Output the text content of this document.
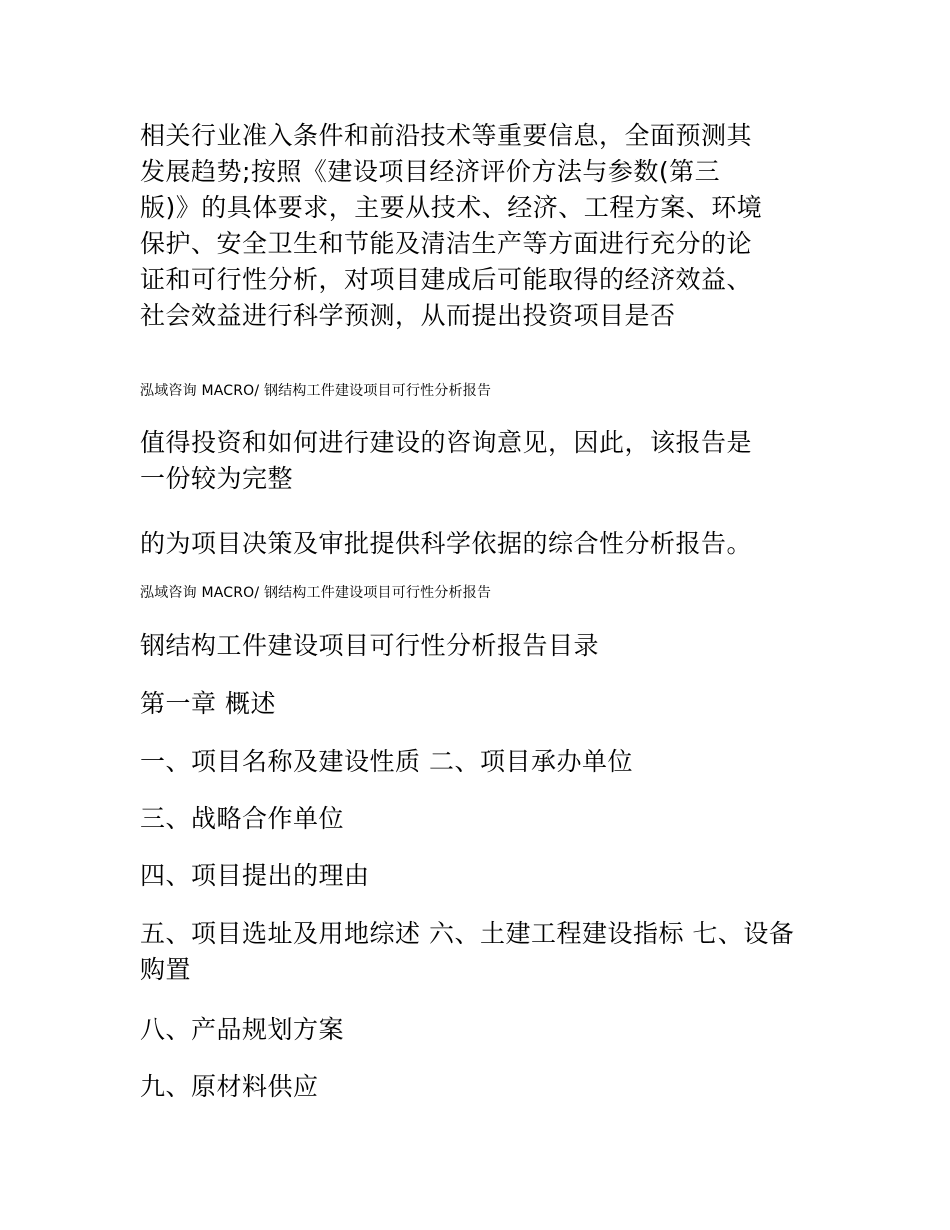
相关行业准入条件和前沿技术等重要信息，全面预测其
发展趋势;按照《建设项目经济评价方法与参数(第三
版)》的具体要求，主要从技术、经济、工程方案、环境
保护、安全卫生和节能及清洁生产等方面进行充分的论
证和可行性分析，对项目建成后可能取得的经济效益、
社会效益进行科学预测，从而提出投资项目是否
泓域咨询 MACRO/ 钢结构工件建设项目可行性分析报告
值得投资和如何进行建设的咨询意见，因此，该报告是
一份较为完整
的为项目决策及审批提供科学依据的综合性分析报告。
泓域咨询 MACRO/ 钢结构工件建设项目可行性分析报告
钢结构工件建设项目可行性分析报告目录
第一章 概述
一、项目名称及建设性质 二、项目承办单位
三、战略合作单位
四、项目提出的理由
五、项目选址及用地综述 六、土建工程建设指标 七、设备
购置
八、产品规划方案
九、原材料供应
